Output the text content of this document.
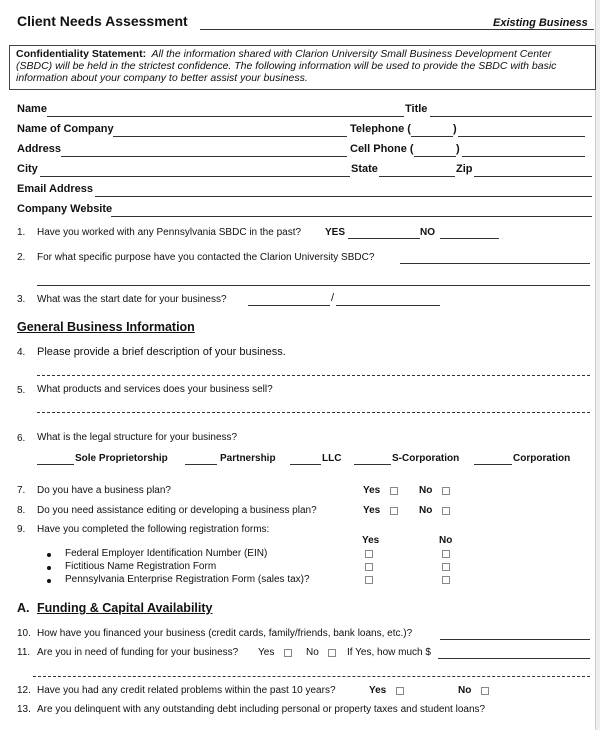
Client Needs Assessment	Existing Business

Confidentiality Statement: All the information shared with Clarion University Small Business Development Center (SBDC) will be held in the strictest confidence. The following information will be used to provide the SBDC with basic information about your company to better assist your business.

Name	Title
Name of Company	Telephone (	)
Address	Cell Phone (	)
City	State	Zip
Email Address
Company Website
1. Have you worked with any Pennsylvania SBDC in the past? YES	NO
2. For what specific purpose have you contacted the Clarion University SBDC?
3. What was the start date for your business?	/
General Business Information
4. Please provide a brief description of your business.
5. What products and services does your business sell?
6. What is the legal structure for your business?
Sole Proprietorship	Partnership	LLC	S-Corporation	Corporation
7. Do you have a business plan?	Yes	No
8. Do you need assistance editing or developing a business plan?	Yes	No
9. Have you completed the following registration forms:
Yes	No
Federal Employer Identification Number (EIN)
Fictitious Name Registration Form
Pennsylvania Enterprise Registration Form (sales tax)?
A. Funding & Capital Availability
10. How have you financed your business (credit cards, family/friends, bank loans, etc.)?
11. Are you in need of funding for your business? Yes	No	If Yes, how much $
12. Have you had any credit related problems within the past 10 years?	Yes	No
13. Are you delinquent with any outstanding debt including personal or property taxes and student loans?
